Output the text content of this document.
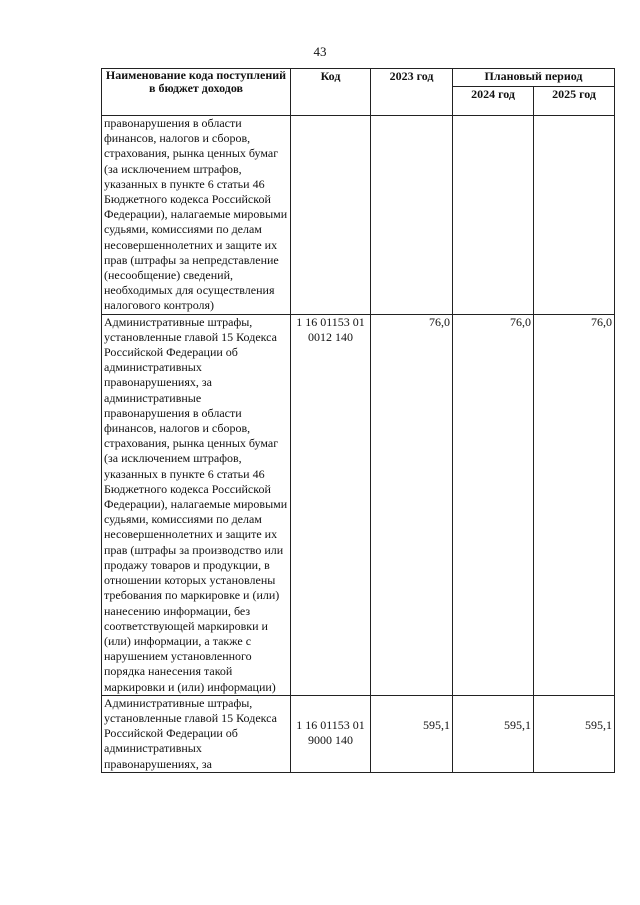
43
Наименование кода поступлений в бюджет доходов	Код	2023 год	Плановый период	
			2024 год	2025 год
правонарушения в области финансов, налогов и сборов, страхования, рынка ценных бумаг (за исключением штрафов, указанных в пункте 6 статьи 46 Бюджетного кодекса Российской Федерации), налагаемые мировыми судьями, комиссиями по делам несовершеннолетних и защите их прав (штрафы за непредставление (несообщение) сведений, необходимых для осуществления налогового контроля)				
Административные штрафы, установленные главой 15 Кодекса Российской Федерации об административных правонарушениях, за административные правонарушения в области финансов, налогов и сборов, страхования, рынка ценных бумаг (за исключением штрафов, указанных в пункте 6 статьи 46 Бюджетного кодекса Российской Федерации), налагаемые мировыми судьями, комиссиями по делам несовершеннолетних и защите их прав (штрафы за производство или продажу товаров и продукции, в отношении которых установлены требования по маркировке и (или) нанесению информации, без соответствующей маркировки и (или) информации, а также с нарушением установленного порядка нанесения такой маркировки и (или) информации)	1 16 01153 01 0012 140	76,0	76,0	76,0
Административные штрафы, установленные главой 15 Кодекса Российской Федерации об административных правонарушениях, за	1 16 01153 01 9000 140	595,1	595,1	595,1
